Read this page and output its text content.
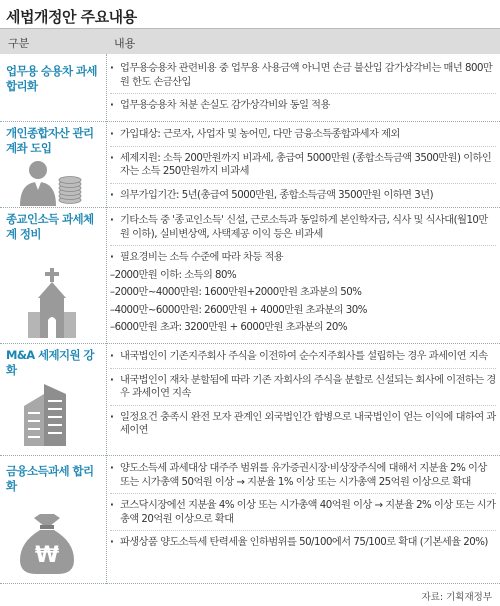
세법개정안 주요내용
구분	내용
업무용 승용차 과세 합리화
· 업무용승용차 관련비용 중 업무용 사용금액 아니면 손금 불산입 감가상각비는 매년 800만원 한도 손금산입
· 업무용승용차 처분 손실도 감가상각비와 동일 적용
개인종합자산 관리계좌 도입
· 가입대상: 근로자, 사업자 및 농어민, 다만 금융소득종합과세자 제외
· 세제지원: 소득 200만원까지 비과세, 총급여 5000만원 (종합소득금액 3500만원) 이하인 자는 소득 250만원까지 비과세
· 의무가입기간: 5년(총급여 5000만원, 종합소득금액 3500만원 이하면 3년)
종교인소득 과세체계 정비
· 기타소득 중 '종교인소득' 신설, 근로소득과 동일하게 본인학자금, 식사 및 식사대(월10만원 이하), 실비변상액, 사택제공 이익 등은 비과세
· 필요경비는 소득 수준에 따라 차등 적용
–2000만원 이하: 소득의 80%
–2000만~4000만원: 1600만원+2000만원 초과분의 50%
–4000만~6000만원: 2600만원 + 4000만원 초과분의 30%
–6000만원 초과: 3200만원 + 6000만원 초과분의 20%
M&A 세제지원 강화
· 내국법인이 기존지주회사 주식을 이전하여 순수지주회사를 설립하는 경우 과세이연 지속
· 내국법인이 재차 분할됨에 따라 기존 자회사의 주식을 분할로 신설되는 회사에 이전하는 경우 과세이연 지속
· 일정요건 충족시 완전 모자 관계인 외국법인간 합병으로 내국법인이 얻는 이익에 대하여 과세이연
금융소득과세 합리화
₩
· 양도소득세 과세대상 대주주 범위를 유가증권시장·비상장주식에 대해서 지분율 2% 이상 또는 시가총액 50억원 이상 → 지분율 1% 이상 또는 시가총액 25억원 이상으로 확대
· 코스닥시장에선 지분율 4% 이상 또는 시가총액 40억원 이상 → 지분율 2% 이상 또는 시가총액 20억원 이상으로 확대
· 파생상품 양도소득세 탄력세율 인하범위를 50/100에서 75/100로 확대 (기본세율 20%)
자료: 기획재정부
